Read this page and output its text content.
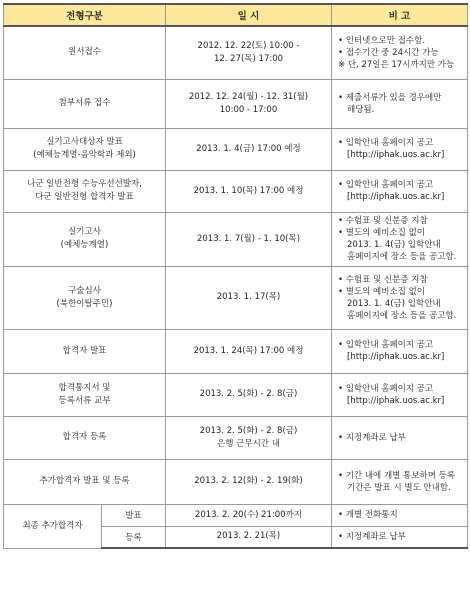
전형구분		일 시	비 고

원서접수		2012. 12. 22(토) 10:00 -
12. 27(목) 17:00	• 인터넷으로만 접수함.
• 접수기간 중 24시간 가능
※ 단, 27일은 17시까지만 가능

첨부서류 접수		2012. 12. 24(월) - 12. 31(월)
10:00 - 17:00	• 제출서류가 있을 경우에만
해당됨.

실기고사대상자 발표
(예체능계열-음악학과 제외)		2013. 1. 4(금) 17:00 예정	• 입학안내 홈페이지 공고
[http://iphak.uos.ac.kr]

나군 일반전형 수능우선선발자,
다군 일반전형 합격자 발표		2013. 1. 10(목) 17:00 예정	• 입학안내 홈페이지 공고
[http://iphak.uos.ac.kr]

실기고사
(예체능계열)		2013. 1. 7(월) - 1. 10(목)	• 수험표 및 신분증 지참
• 별도의 예비소집 없이
2013. 1. 4(금) 입학안내
홈페이지에 장소 등을 공고함.

구술심사
(북한이탈주민)		2013. 1. 17(목)	• 수험표 및 신분증 지참
• 별도의 예비소집 없이
2013. 1. 4(금) 입학안내
홈페이지에 장소 등을 공고함.

합격자 발표		2013. 1. 24(목) 17:00 예정	• 입학안내 홈페이지 공고
[http://iphak.uos.ac.kr]

합격통지서 및
등록서류 교부		2013. 2. 5(화) - 2. 8(금)	• 입학안내 홈페이지 공고
[http://iphak.uos.ac.kr]

합격자 등록		2013. 2. 5(화) - 2. 8(금)
은행 근무시간 내	• 지정계좌로 납부

추가합격자 발표 및 등록		2013. 2. 12(화) - 2. 19(화)	• 기간 내에 개별 통보하며 등록
기간은 발표 시 별도 안내함.

최종 추가합격자	발표	2013. 2. 20(수) 21:00까지	• 개별 전화통지
	등록	2013. 2. 21(목)	• 지정계좌로 납부
